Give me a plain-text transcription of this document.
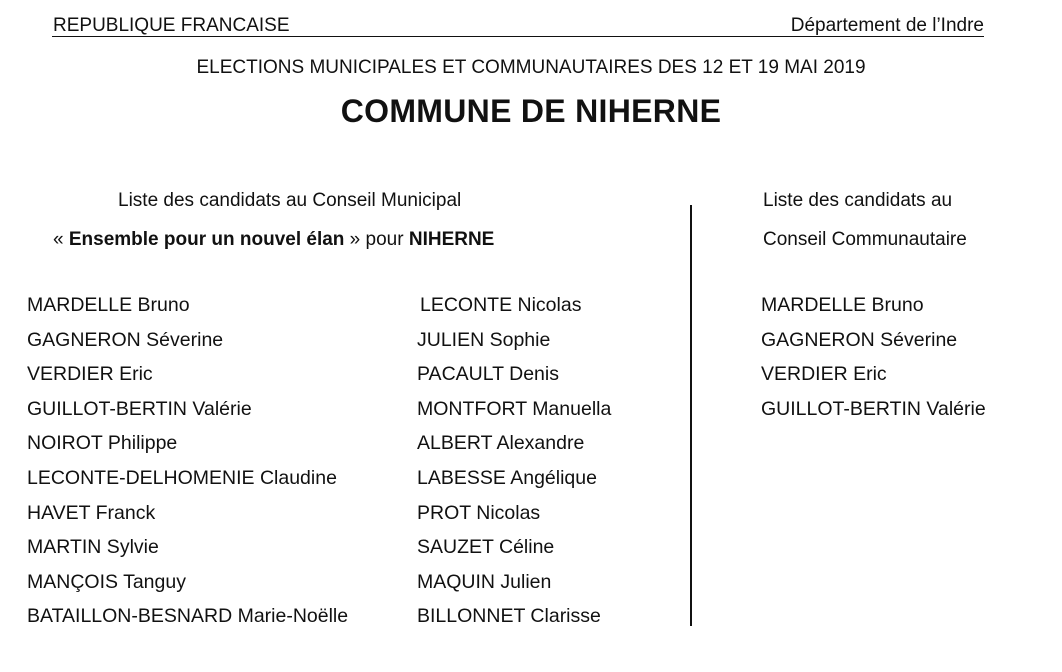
REPUBLIQUE FRANCAISE	Département de l’Indre
ELECTIONS MUNICIPALES ET COMMUNAUTAIRES DES 12 ET 19 MAI 2019
COMMUNE DE NIHERNE
Liste des candidats au Conseil Municipal
« Ensemble pour un nouvel élan » pour NIHERNE
Liste des candidats au
Conseil Communautaire
MARDELLE Bruno
GAGNERON Séverine
VERDIER Eric
GUILLOT-BERTIN Valérie
NOIROT Philippe
LECONTE-DELHOMENIE Claudine
HAVET Franck
MARTIN Sylvie
MANÇOIS Tanguy
BATAILLON-BESNARD Marie-Noëlle
LECONTE Nicolas
JULIEN Sophie
PACAULT Denis
MONTFORT Manuella
ALBERT Alexandre
LABESSE Angélique
PROT Nicolas
SAUZET Céline
MAQUIN Julien
BILLONNET Clarisse
MARDELLE Bruno
GAGNERON Séverine
VERDIER Eric
GUILLOT-BERTIN Valérie
